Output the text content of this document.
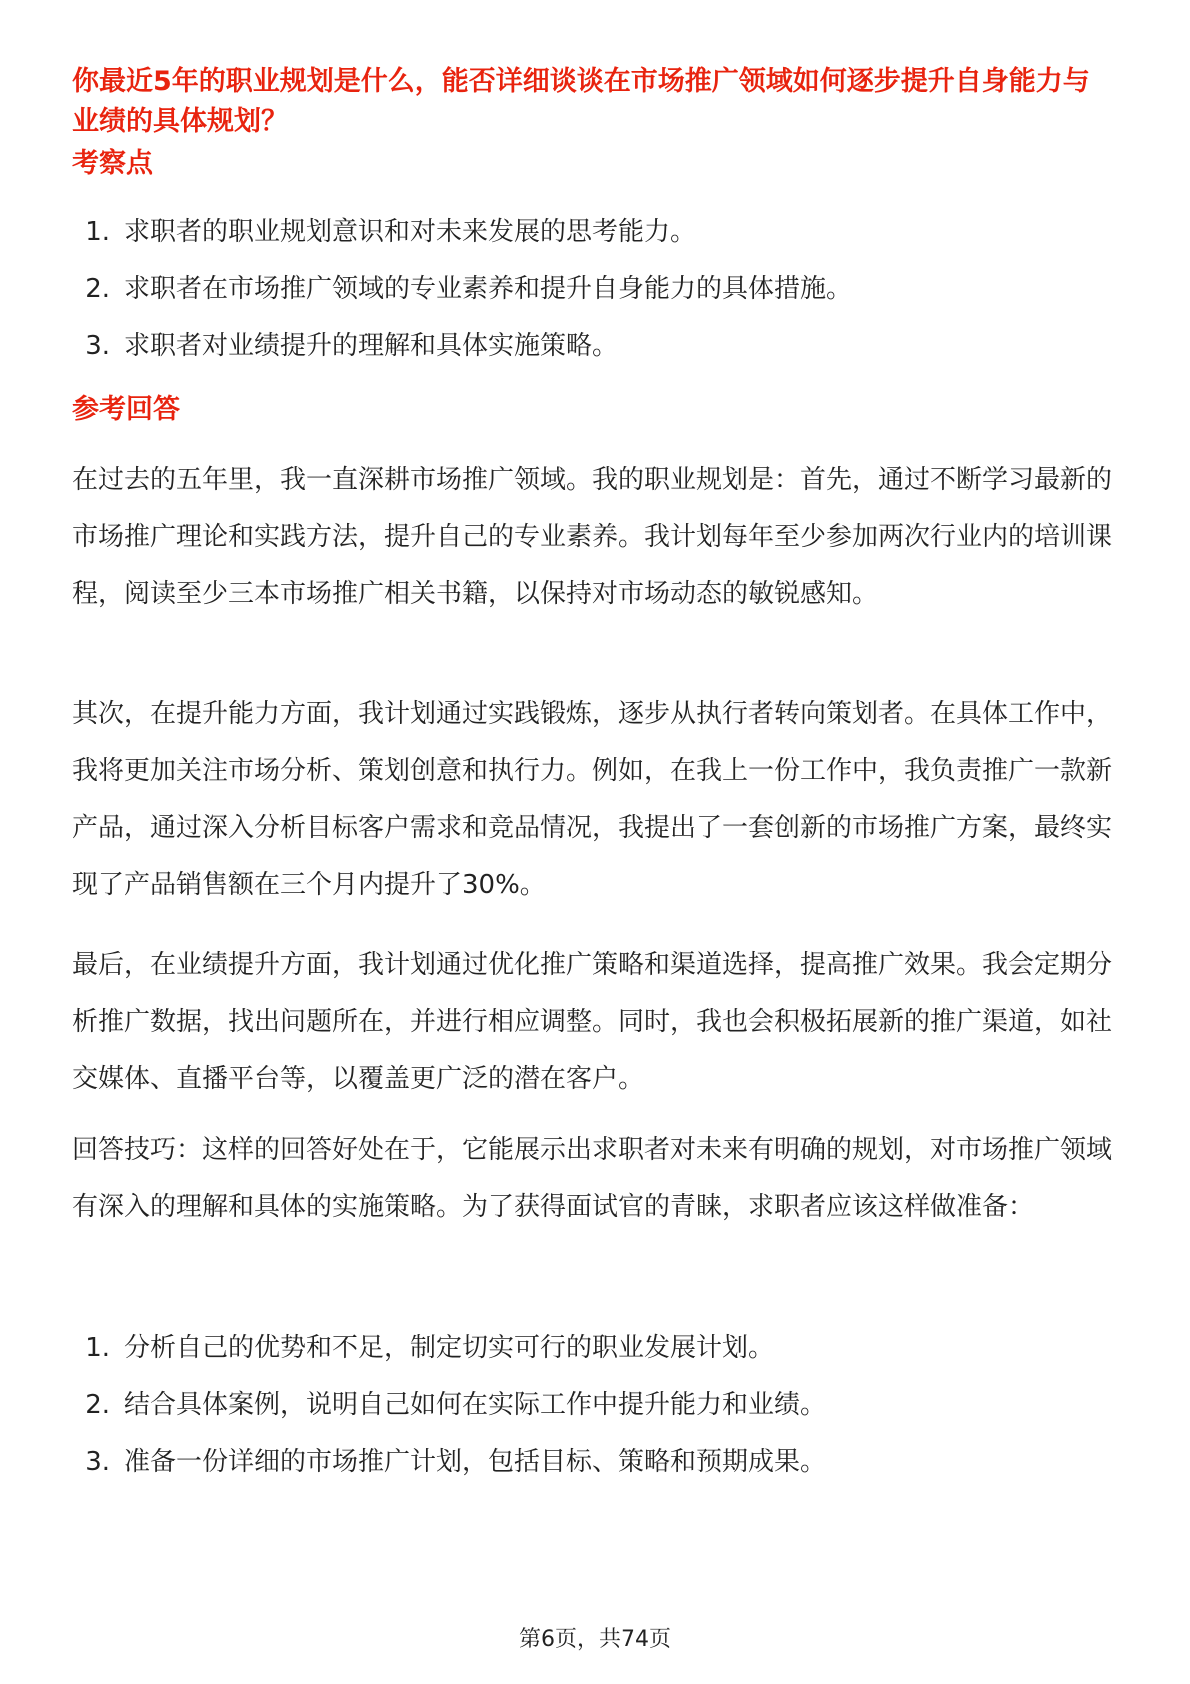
你最近5年的职业规划是什么，能否详细谈谈在市场推广领域如何逐步提升自身能力与业绩的具体规划？
考察点
1. 求职者的职业规划意识和对未来发展的思考能力。
2. 求职者在市场推广领域的专业素养和提升自身能力的具体措施。
3. 求职者对业绩提升的理解和具体实施策略。
参考回答

在过去的五年里，我一直深耕市场推广领域。我的职业规划是：首先，通过不断学习最新的市场推广理论和实践方法，提升自己的专业素养。我计划每年至少参加两次行业内的培训课程，阅读至少三本市场推广相关书籍，以保持对市场动态的敏锐感知。

其次，在提升能力方面，我计划通过实践锻炼，逐步从执行者转向策划者。在具体工作中，我将更加关注市场分析、策划创意和执行力。例如，在我上一份工作中，我负责推广一款新产品，通过深入分析目标客户需求和竞品情况，我提出了一套创新的市场推广方案，最终实现了产品销售额在三个月内提升了30%。

最后，在业绩提升方面，我计划通过优化推广策略和渠道选择，提高推广效果。我会定期分析推广数据，找出问题所在，并进行相应调整。同时，我也会积极拓展新的推广渠道，如社交媒体、直播平台等，以覆盖更广泛的潜在客户。

回答技巧：这样的回答好处在于，它能展示出求职者对未来有明确的规划，对市场推广领域有深入的理解和具体的实施策略。为了获得面试官的青睐，求职者应该这样做准备：

1. 分析自己的优势和不足，制定切实可行的职业发展计划。
2. 结合具体案例，说明自己如何在实际工作中提升能力和业绩。
3. 准备一份详细的市场推广计划，包括目标、策略和预期成果。
第6页，共74页
